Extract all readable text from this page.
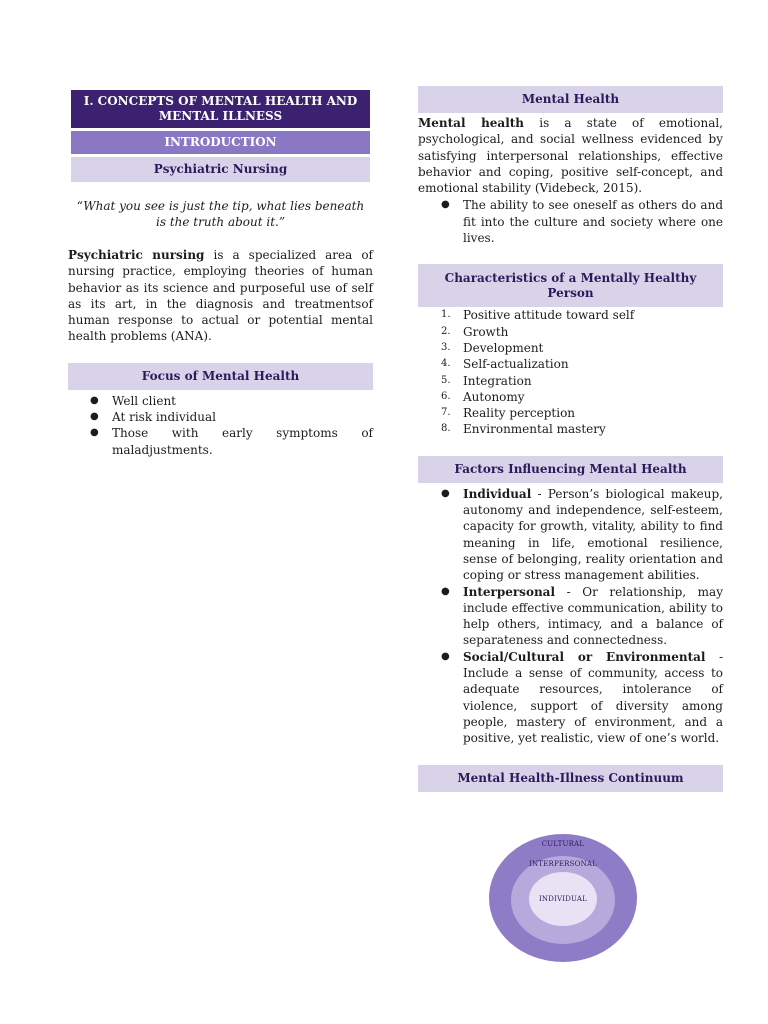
I. CONCEPTS OF MENTAL HEALTH AND MENTAL ILLNESS
INTRODUCTION
Psychiatric Nursing

“What you see is just the tip, what lies beneath is the truth about it.”

Psychiatric nursing is a specialized area of nursing practice, employing theories of human behavior as its science and purposeful use of self as its art, in the diagnosis and treatmentsof human response to actual or potential mental health problems (ANA).

Focus of Mental Health
● Well client
● At risk individual
● Those with early symptoms of maladjustments.
Mental Health

Mental health is a state of emotional, psychological, and social wellness evidenced by satisfying interpersonal relationships, effective behavior and coping, positive self-concept, and emotional stability (Videbeck, 2015).

● The ability to see oneself as others do and fit into the culture and society where one lives.
Characteristics of a Mentally Healthy Person
1.	Positive attitude toward self
2.	Growth
3.	Development
4.	Self-actualization
5.	Integration
6.	Autonomy
7.	Reality perception
8.	Environmental mastery
Factors Influencing Mental Health
● Individual - Person’s biological makeup, autonomy and independence, self-esteem, capacity for growth, vitality, ability to find meaning in life, emotional resilience, sense of belonging, reality orientation and coping or stress management abilities.
● Interpersonal - Or relationship, may include effective communication, ability to help others, intimacy, and a balance of separateness and connectedness.
● Social/Cultural or Environmental - Include a sense of community, access to adequate resources, intolerance of violence, support of diversity among people, mastery of environment, and a positive, yet realistic, view of one’s world.
Mental Health-Illness Continuum
CULTURAL
INTERPERSONAL
INDIVIDUAL
